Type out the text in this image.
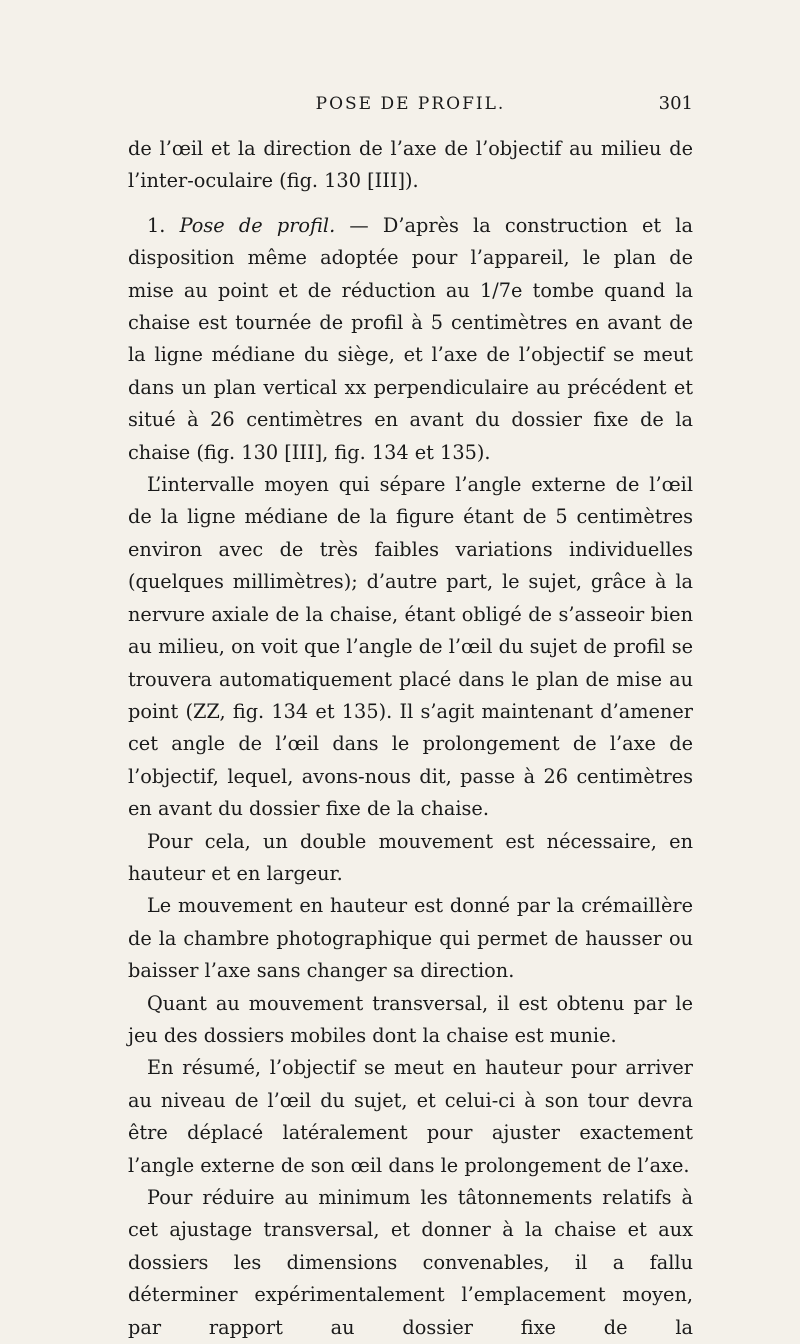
POSE DE PROFIL.	301

de l’œil et la direction de l’axe de l’objectif au milieu de l’inter-oculaire (fig. 130 [III]).

1. Pose de profil. — D’après la construction et la disposition même adoptée pour l’appareil, le plan de mise au point et de réduction au 1/7e tombe quand la chaise est tournée de profil à 5 centimètres en avant de la ligne médiane du siège, et l’axe de l’objectif se meut dans un plan vertical xx perpendiculaire au précédent et situé à 26 centimètres en avant du dossier fixe de la chaise (fig. 130 [III], fig. 134 et 135).

L’intervalle moyen qui sépare l’angle externe de l’œil de la ligne médiane de la figure étant de 5 centimètres environ avec de très faibles variations individuelles (quelques millimètres); d’autre part, le sujet, grâce à la nervure axiale de la chaise, étant obligé de s’asseoir bien au milieu, on voit que l’angle de l’œil du sujet de profil se trouvera automatiquement placé dans le plan de mise au point (ZZ, fig. 134 et 135). Il s’agit maintenant d’amener cet angle de l’œil dans le prolongement de l’axe de l’objectif, lequel, avons-nous dit, passe à 26 centimètres en avant du dossier fixe de la chaise.

Pour cela, un double mouvement est nécessaire, en hauteur et en largeur.

Le mouvement en hauteur est donné par la crémaillère de la chambre photographique qui permet de hausser ou baisser l’axe sans changer sa direction.

Quant au mouvement transversal, il est obtenu par le jeu des dossiers mobiles dont la chaise est munie.

En résumé, l’objectif se meut en hauteur pour arriver au niveau de l’œil du sujet, et celui-ci à son tour devra être déplacé latéralement pour ajuster exactement l’angle externe de son œil dans le prolongement de l’axe.

Pour réduire au minimum les tâtonnements relatifs à cet ajustage transversal, et donner à la chaise et aux dossiers les dimensions convenables, il a fallu déterminer expérimentalement l’emplacement moyen, par rapport au dossier fixe de la
